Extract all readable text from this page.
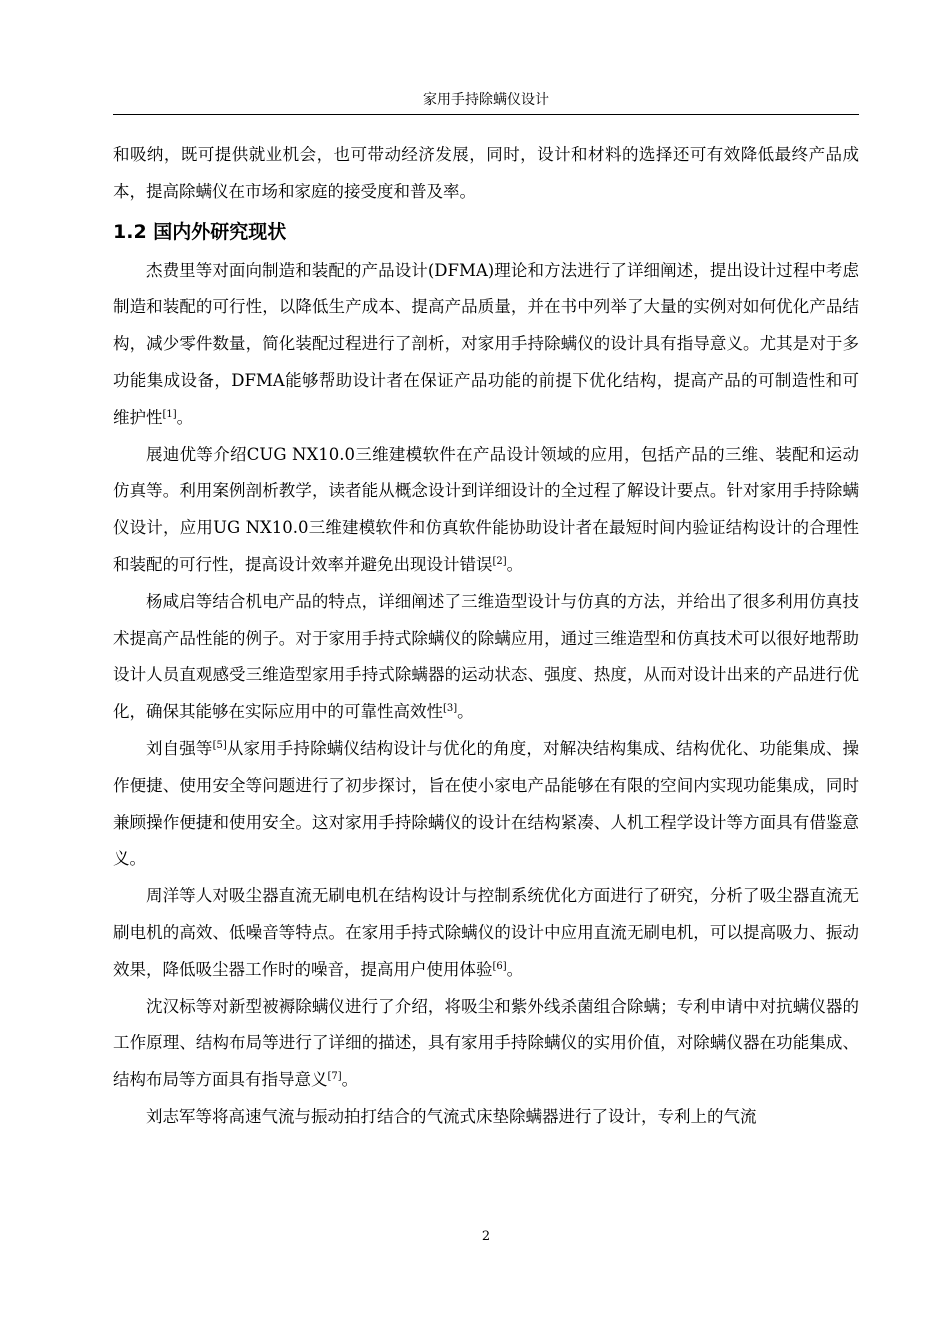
家用手持除螨仪设计

和吸纳，既可提供就业机会，也可带动经济发展，同时，设计和材料的选择还可有效降低最终产品成本，提高除螨仪在市场和家庭的接受度和普及率。

1.2 国内外研究现状

杰费里等对面向制造和装配的产品设计(DFMA)理论和方法进行了详细阐述，提出设计过程中考虑制造和装配的可行性，以降低生产成本、提高产品质量，并在书中列举了大量的实例对如何优化产品结构，减少零件数量，简化装配过程进行了剖析，对家用手持除螨仪的设计具有指导意义。尤其是对于多功能集成设备，DFMA能够帮助设计者在保证产品功能的前提下优化结构，提高产品的可制造性和可维护性[1]。

展迪优等介绍CUG NX10.0三维建模软件在产品设计领域的应用，包括产品的三维、装配和运动仿真等。利用案例剖析教学，读者能从概念设计到详细设计的全过程了解设计要点。针对家用手持除螨仪设计，应用UG NX10.0三维建模软件和仿真软件能协助设计者在最短时间内验证结构设计的合理性和装配的可行性，提高设计效率并避免出现设计错误[2]。

杨咸启等结合机电产品的特点，详细阐述了三维造型设计与仿真的方法，并给出了很多利用仿真技术提高产品性能的例子。对于家用手持式除螨仪的除螨应用，通过三维造型和仿真技术可以很好地帮助设计人员直观感受三维造型家用手持式除螨器的运动状态、强度、热度，从而对设计出来的产品进行优化，确保其能够在实际应用中的可靠性高效性[3]。

刘自强等[5]从家用手持除螨仪结构设计与优化的角度，对解决结构集成、结构优化、功能集成、操作便捷、使用安全等问题进行了初步探讨，旨在使小家电产品能够在有限的空间内实现功能集成，同时兼顾操作便捷和使用安全。这对家用手持除螨仪的设计在结构紧凑、人机工程学设计等方面具有借鉴意义。

周洋等人对吸尘器直流无刷电机在结构设计与控制系统优化方面进行了研究，分析了吸尘器直流无刷电机的高效、低噪音等特点。在家用手持式除螨仪的设计中应用直流无刷电机，可以提高吸力、振动效果，降低吸尘器工作时的噪音，提高用户使用体验[6]。

沈汉标等对新型被褥除螨仪进行了介绍，将吸尘和紫外线杀菌组合除螨；专利申请中对抗螨仪器的工作原理、结构布局等进行了详细的描述，具有家用手持除螨仪的实用价值，对除螨仪器在功能集成、结构布局等方面具有指导意义[7]。

刘志军等将高速气流与振动拍打结合的气流式床垫除螨器进行了设计，专利上的气流

2
